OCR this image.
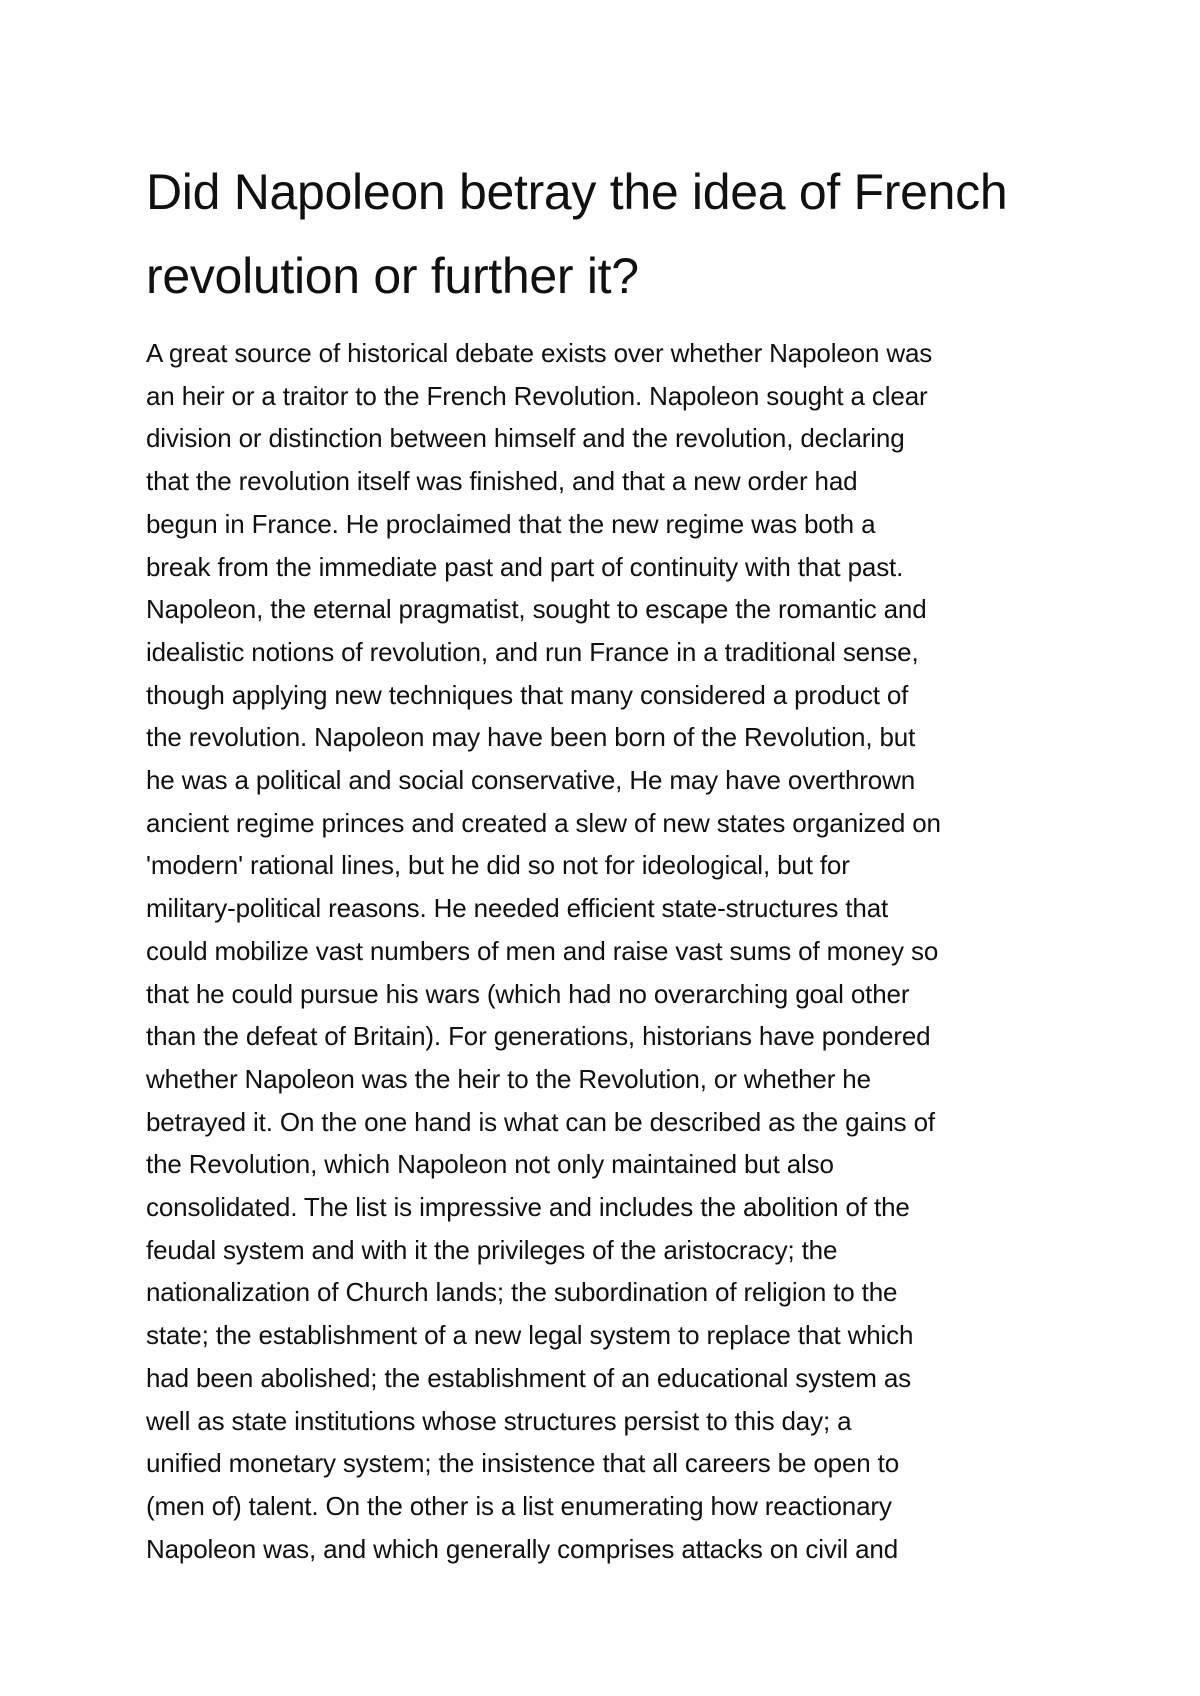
Did Napoleon betray the idea of French
revolution or further it?

A great source of historical debate exists over whether Napoleon was
an heir or a traitor to the French Revolution. Napoleon sought a clear
division or distinction between himself and the revolution, declaring
that the revolution itself was finished, and that a new order had
begun in France. He proclaimed that the new regime was both a
break from the immediate past and part of continuity with that past.
Napoleon, the eternal pragmatist, sought to escape the romantic and
idealistic notions of revolution, and run France in a traditional sense,
though applying new techniques that many considered a product of
the revolution. Napoleon may have been born of the Revolution, but
he was a political and social conservative, He may have overthrown
ancient regime princes and created a slew of new states organized on
'modern' rational lines, but he did so not for ideological, but for
military-political reasons. He needed efficient state-structures that
could mobilize vast numbers of men and raise vast sums of money so
that he could pursue his wars (which had no overarching goal other
than the defeat of Britain). For generations, historians have pondered
whether Napoleon was the heir to the Revolution, or whether he
betrayed it. On the one hand is what can be described as the gains of
the Revolution, which Napoleon not only maintained but also
consolidated. The list is impressive and includes the abolition of the
feudal system and with it the privileges of the aristocracy; the
nationalization of Church lands; the subordination of religion to the
state; the establishment of a new legal system to replace that which
had been abolished; the establishment of an educational system as
well as state institutions whose structures persist to this day; a
unified monetary system; the insistence that all careers be open to
(men of) talent. On the other is a list enumerating how reactionary
Napoleon was, and which generally comprises attacks on civil and
